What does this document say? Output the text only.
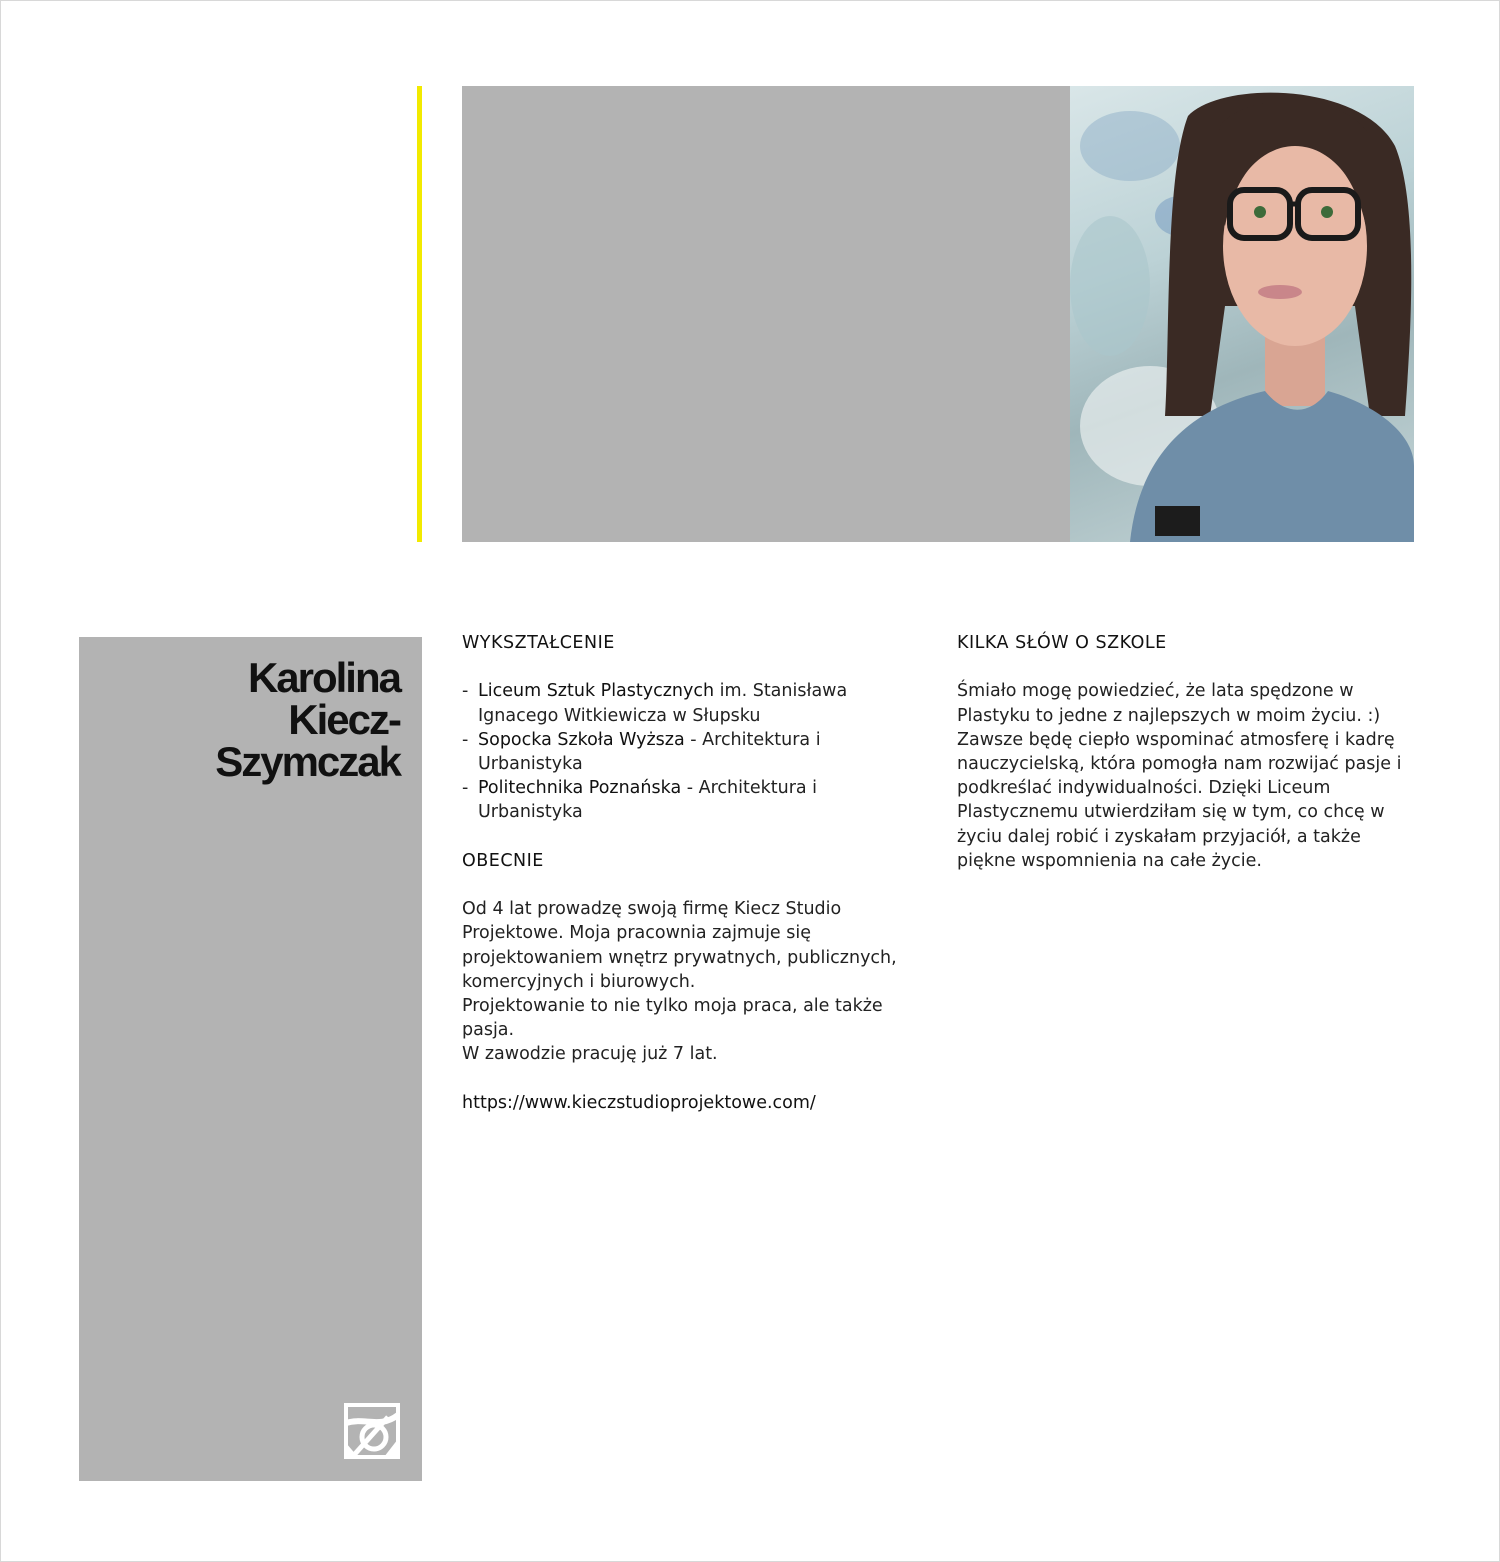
Karolina
Kiecz-
Szymczak
WYKSZTAŁCENIE
- Liceum Sztuk Plastycznych im. Stanisława Ignacego Witkiewicza w Słupsku
- Sopocka Szkoła Wyższa - Architektura i Urbanistyka
- Politechnika Poznańska - Architektura i Urbanistyka
OBECNIE
Od 4 lat prowadzę swoją firmę Kiecz Studio Projektowe. Moja pracownia zajmuje się projektowaniem wnętrz prywatnych, publicznych, komercyjnych i biurowych.
Projektowanie to nie tylko moja praca, ale także pasja.
W zawodzie pracuję już 7 lat.
https://www.kieczstudioprojektowe.com/
KILKA SŁÓW O SZKOLE
Śmiało mogę powiedzieć, że lata spędzone w Plastyku to jedne z najlepszych w moim życiu. :) Zawsze będę ciepło wspominać atmosferę i kadrę nauczycielską, która pomogła nam rozwijać pasje i podkreślać indywidualności. Dzięki Liceum Plastycznemu utwierdziłam się w tym, co chcę w życiu dalej robić i zyskałam przyjaciół, a także piękne wspomnienia na całe życie.
